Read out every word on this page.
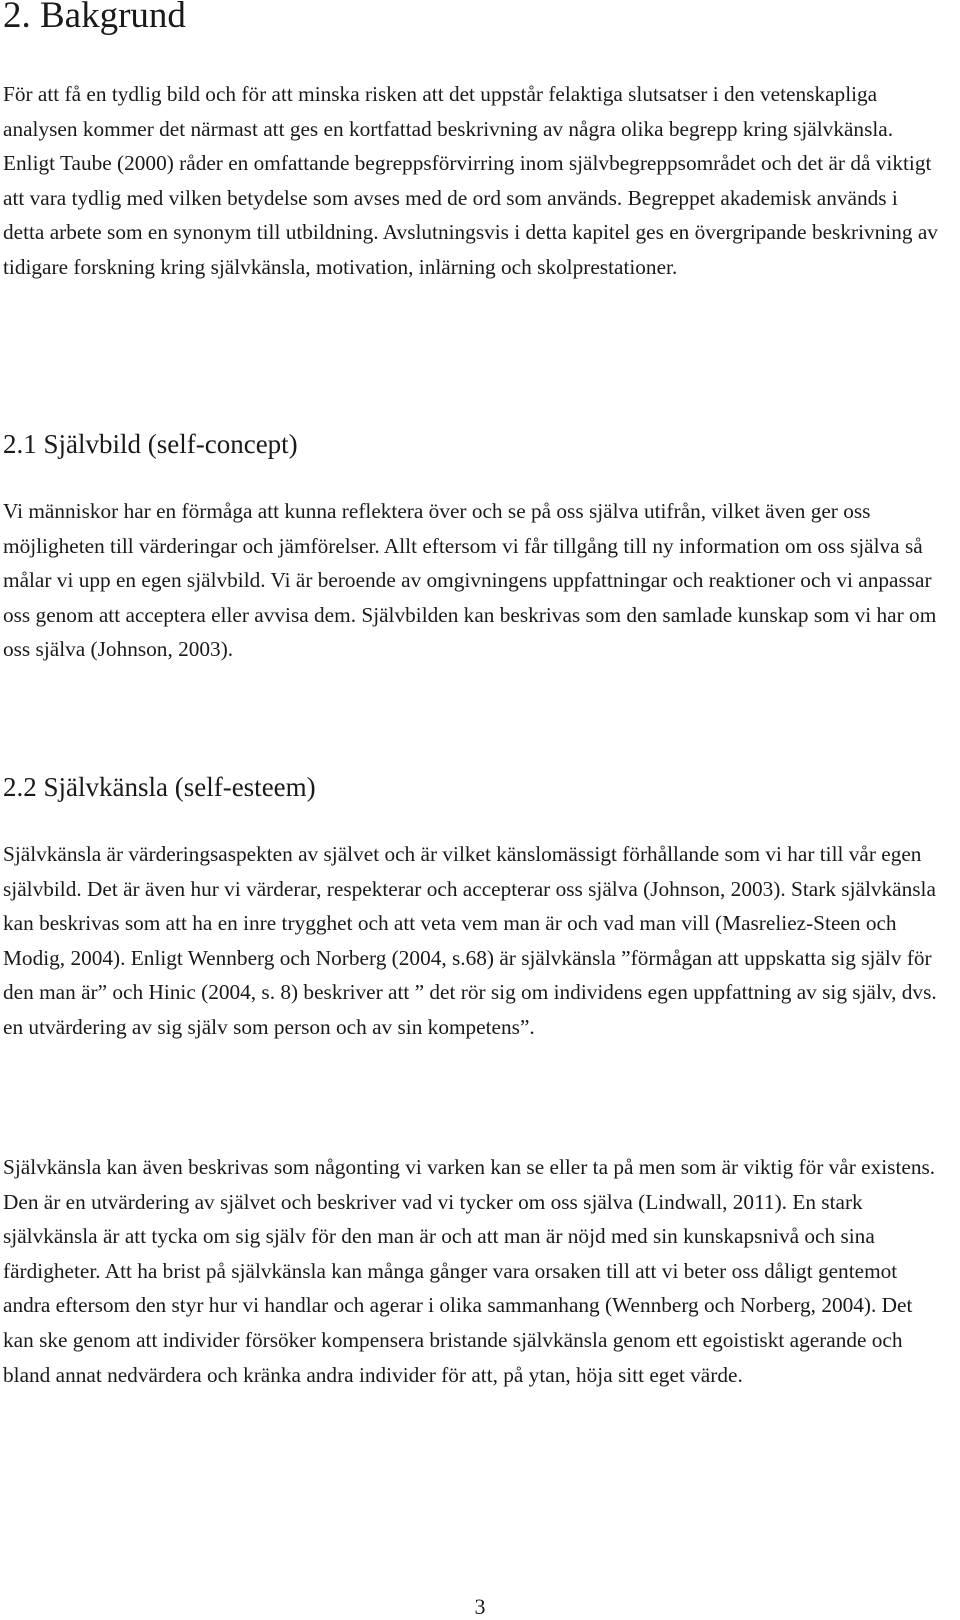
2. Bakgrund

För att få en tydlig bild och för att minska risken att det uppstår felaktiga slutsatser i den vetenskapliga analysen kommer det närmast att ges en kortfattad beskrivning av några olika begrepp kring självkänsla. Enligt Taube (2000) råder en omfattande begreppsförvirring inom självbegreppsområdet och det är då viktigt att vara tydlig med vilken betydelse som avses med de ord som används. Begreppet akademisk används i detta arbete som en synonym till utbildning. Avslutningsvis i detta kapitel ges en övergripande beskrivning av tidigare forskning kring självkänsla, motivation, inlärning och skolprestationer.

2.1 Självbild (self-concept)

Vi människor har en förmåga att kunna reflektera över och se på oss själva utifrån, vilket även ger oss möjligheten till värderingar och jämförelser. Allt eftersom vi får tillgång till ny information om oss själva så målar vi upp en egen självbild. Vi är beroende av omgivningens uppfattningar och reaktioner och vi anpassar oss genom att acceptera eller avvisa dem. Självbilden kan beskrivas som den samlade kunskap som vi har om oss själva (Johnson, 2003).

2.2 Självkänsla (self-esteem)

Självkänsla är värderingsaspekten av självet och är vilket känslomässigt förhållande som vi har till vår egen självbild. Det är även hur vi värderar, respekterar och accepterar oss själva (Johnson, 2003). Stark självkänsla kan beskrivas som att ha en inre trygghet och att veta vem man är och vad man vill (Masreliez-Steen och Modig, 2004). Enligt Wennberg och Norberg (2004, s.68) är självkänsla ”förmågan att uppskatta sig själv för den man är” och Hinic (2004, s. 8) beskriver att ” det rör sig om individens egen uppfattning av sig själv, dvs. en utvärdering av sig själv som person och av sin kompetens”.

Självkänsla kan även beskrivas som någonting vi varken kan se eller ta på men som är viktig för vår existens. Den är en utvärdering av självet och beskriver vad vi tycker om oss själva (Lindwall, 2011). En stark självkänsla är att tycka om sig själv för den man är och att man är nöjd med sin kunskapsnivå och sina färdigheter. Att ha brist på självkänsla kan många gånger vara orsaken till att vi beter oss dåligt gentemot andra eftersom den styr hur vi handlar och agerar i olika sammanhang (Wennberg och Norberg, 2004). Det kan ske genom att individer försöker kompensera bristande självkänsla genom ett egoistiskt agerande och bland annat nedvärdera och kränka andra individer för att, på ytan, höja sitt eget värde.

3
